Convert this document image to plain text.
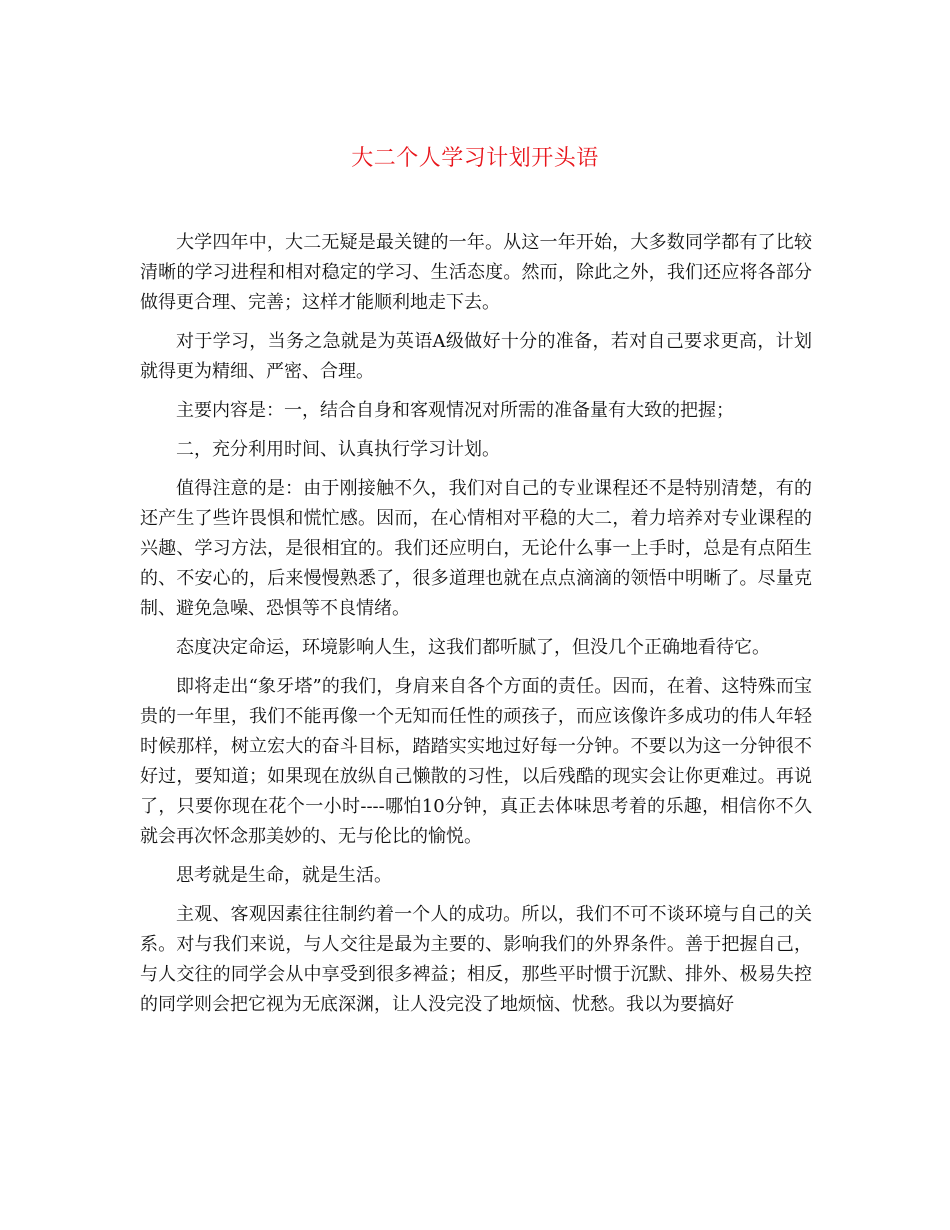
大二个人学习计划开头语

大学四年中，大二无疑是最关键的一年。从这一年开始，大多数同学都有了比较清晰的学习进程和相对稳定的学习、生活态度。然而，除此之外，我们还应将各部分做得更合理、完善；这样才能顺利地走下去。

对于学习，当务之急就是为英语A级做好十分的准备，若对自己要求更高，计划就得更为精细、严密、合理。

主要内容是：一，结合自身和客观情况对所需的准备量有大致的把握；

二，充分利用时间、认真执行学习计划。

值得注意的是：由于刚接触不久，我们对自己的专业课程还不是特别清楚，有的还产生了些许畏惧和慌忙感。因而，在心情相对平稳的大二，着力培养对专业课程的兴趣、学习方法，是很相宜的。我们还应明白，无论什么事一上手时，总是有点陌生的、不安心的，后来慢慢熟悉了，很多道理也就在点点滴滴的领悟中明晰了。尽量克制、避免急噪、恐惧等不良情绪。

态度决定命运，环境影响人生，这我们都听腻了，但没几个正确地看待它。

即将走出“象牙塔”的我们，身肩来自各个方面的责任。因而，在着、这特殊而宝贵的一年里，我们不能再像一个无知而任性的顽孩子，而应该像许多成功的伟人年轻时候那样，树立宏大的奋斗目标，踏踏实实地过好每一分钟。不要以为这一分钟很不好过，要知道；如果现在放纵自己懒散的习性，以后残酷的现实会让你更难过。再说了，只要你现在花个一小时----哪怕10分钟，真正去体味思考着的乐趣，相信你不久就会再次怀念那美妙的、无与伦比的愉悦。

思考就是生命，就是生活。

主观、客观因素往往制约着一个人的成功。所以，我们不可不谈环境与自己的关系。对与我们来说，与人交往是最为主要的、影响我们的外界条件。善于把握自己，与人交往的同学会从中享受到很多裨益；相反，那些平时惯于沉默、排外、极易失控的同学则会把它视为无底深渊，让人没完没了地烦恼、忧愁。我以为要搞好
